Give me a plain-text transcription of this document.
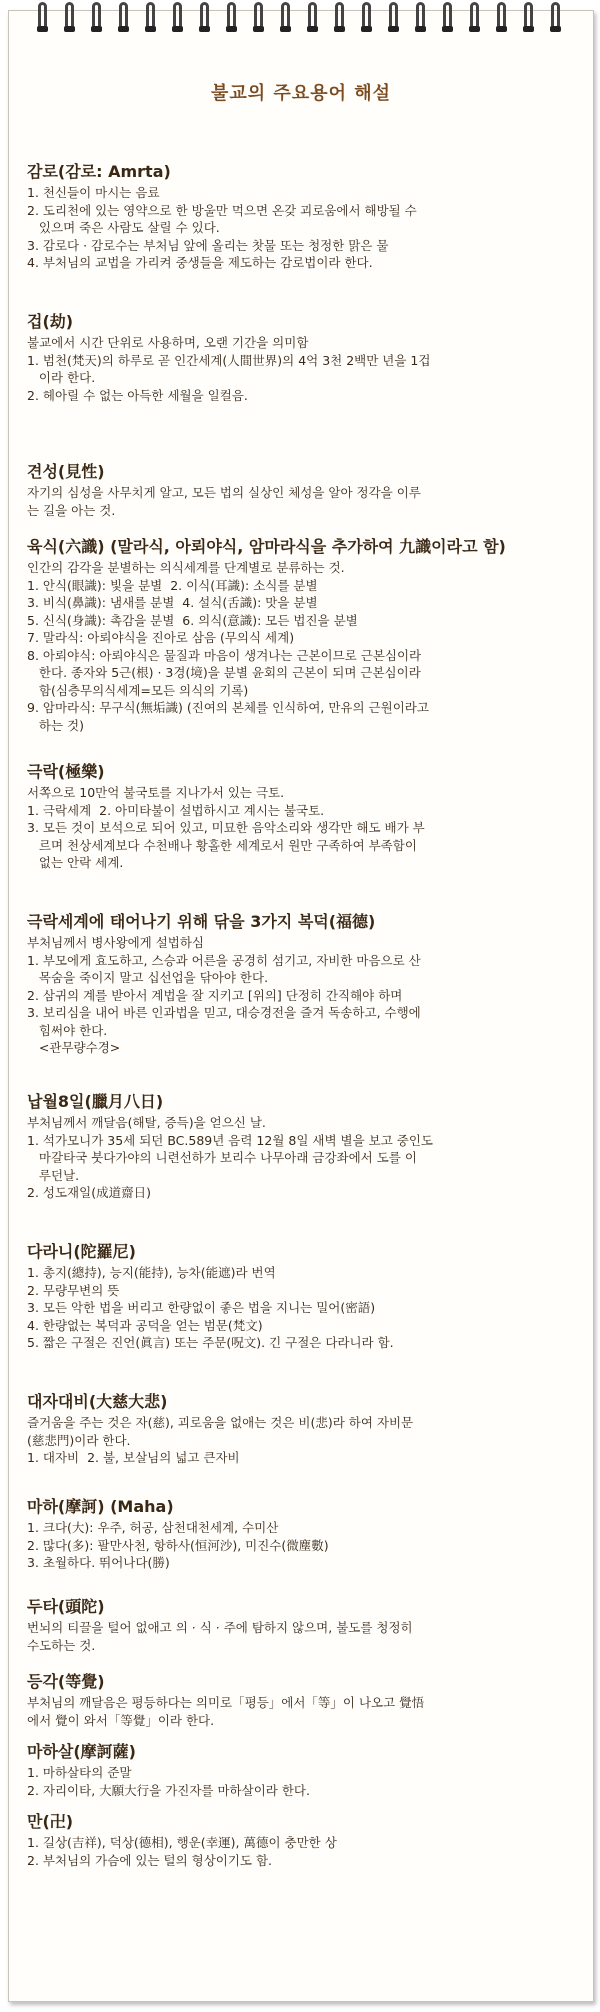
불교의 주요용어 해설
감로(감로: Amrta)
1. 천신들이 마시는 음료
2. 도리천에 있는 영약으로 한 방울만 먹으면 온갖 괴로움에서 해방될 수
있으며 죽은 사람도 살릴 수 있다.
3. 감로다 · 감로수는 부처님 앞에 올리는 찻물 또는 청정한 맑은 물
4. 부처님의 교법을 가리켜 중생들을 제도하는 감로법이라 한다.
겁(劫)
불교에서 시간 단위로 사용하며, 오랜 기간을 의미함
1. 범천(梵天)의 하루로 곧 인간세계(人間世界)의 4억 3천 2백만 년을 1겁
이라 한다.
2. 헤아릴 수 없는 아득한 세월을 일컬음.
견성(見性)
자기의 심성을 사무치게 알고, 모든 법의 실상인 체성을 알아 정각을 이루
는 길을 아는 것.
육식(六識) (말라식, 아뢰야식, 암마라식을 추가하여 九識이라고 함)
인간의 감각을 분별하는 의식세계를 단계별로 분류하는 것.
1. 안식(眼識): 빛을 분별  2. 이식(耳識): 소식를 분별
3. 비식(鼻識): 냄새를 분별  4. 설식(舌識): 맛을 분별
5. 신식(身識): 촉감을 분별  6. 의식(意識): 모든 법진을 분별
7. 말라식: 아뢰야식을 진아로 삼음 (무의식 세계)
8. 아뢰야식: 아뢰야식은 물질과 마음이 생겨나는 근본이므로 근본심이라
한다. 종자와 5근(根) · 3경(境)을 분별 윤회의 근본이 되며 근본심이라
함(심층무의식세계=모든 의식의 기록)
9. 암마라식: 무구식(無垢識) (진여의 본체를 인식하여, 만유의 근원이라고
하는 것)
극락(極樂)
서쪽으로 10만억 불국토를 지나가서 있는 극토.
1. 극락세계  2. 아미타불이 설법하시고 계시는 불국토.
3. 모든 것이 보석으로 되어 있고, 미묘한 음악소리와 생각만 해도 배가 부
르며 천상세계보다 수천배나 황홀한 세계로서 원만 구족하여 부족함이
없는 안락 세계.
극락세계에 태어나기 위해 닦을 3가지 복덕(福德)
부처님께서 병사왕에게 설법하심
1. 부모에게 효도하고, 스승과 어른을 공경히 섬기고, 자비한 마음으로 산
목숨을 죽이지 말고 십선업을 닦아야 한다.
2. 삼귀의 계를 받아서 계법을 잘 지키고 [위의] 단정히 간직해야 하며
3. 보리심을 내어 바른 인과법을 믿고, 대승경전을 즐겨 독송하고, 수행에
힘써야 한다.
<관무량수경>
납월8일(臘月八日)
부처님께서 깨달음(해탈, 증득)을 얻으신 날.
1. 석가모니가 35세 되던 BC.589년 음력 12월 8일 새벽 별을 보고 중인도
마갈타국 붓다가야의 니련선하가 보리수 나무아래 금강좌에서 도를 이
루던날.
2. 성도재일(成道齋日)
다라니(陀羅尼)
1. 총지(總持), 능지(能持), 능차(能遮)라 번역
2. 무량무변의 뜻
3. 모든 악한 법을 버리고 한량없이 좋은 법을 지니는 밀어(密語)
4. 한량없는 복덕과 공덕을 얻는 범문(梵文)
5. 짧은 구절은 진언(眞言) 또는 주문(呪文). 긴 구절은 다라니라 함.
대자대비(大慈大悲)
즐거움을 주는 것은 자(慈), 괴로움을 없애는 것은 비(悲)라 하여 자비문
(慈悲門)이라 한다.
1. 대자비  2. 불, 보살님의 넓고 큰자비
마하(摩訶) (Maha)
1. 크다(大): 우주, 허공, 삼천대천세계, 수미산
2. 많다(多): 팔만사천, 항하사(恒河沙), 미진수(微塵數)
3. 초월하다. 뛰어나다(勝)
두타(頭陀)
번뇌의 티끌을 털어 없애고 의 · 식 · 주에 탐하지 않으며, 불도를 청정히
수도하는 것.
등각(等覺)
부처님의 깨달음은 평등하다는 의미로「평등」에서「等」이 나오고 覺悟
에서 覺이 와서「等覺」이라 한다.
마하살(摩訶薩)
1. 마하살타의 준말
2. 자리이타, 大願大行을 가진자를 마하살이라 한다.
만(卍)
1. 길상(吉祥), 덕상(德相), 행운(幸運), 萬德이 충만한 상
2. 부처님의 가슴에 있는 털의 형상이기도 함.
